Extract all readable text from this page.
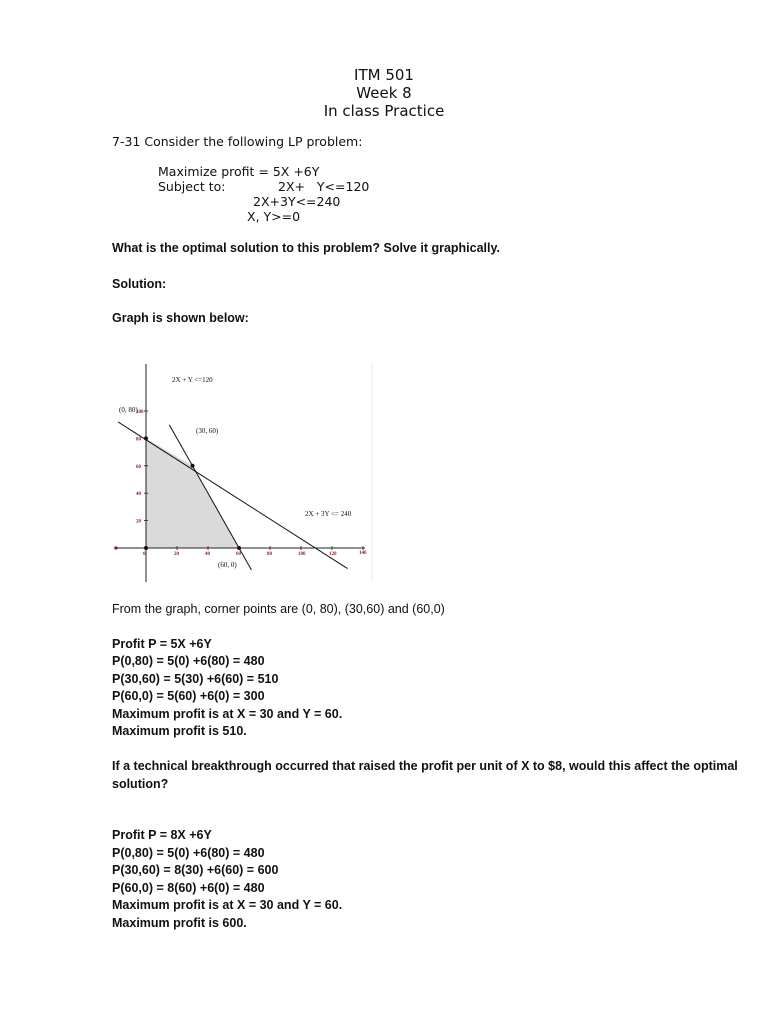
ITM 501
Week 8
In class Practice
7-31 Consider the following LP problem:
Maximize profit = 5X +6Y
Subject to:	2X+   Y<=120
2X+3Y<=240
X, Y>=0
What is the optimal solution to this problem? Solve it graphically.
Solution:
Graph is shown below:
0	20	40	60	80	100	120	140
20
40
60
80
100
2X + Y <=120
2X + 3Y <= 240
(0, 80)
(30, 60)
(60, 0)
From the graph, corner points are (0, 80), (30,60) and (60,0)
Profit P = 5X +6Y
P(0,80) = 5(0) +6(80) = 480
P(30,60) = 5(30) +6(60) = 510
P(60,0) = 5(60) +6(0) = 300
Maximum profit is at X = 30 and Y = 60.
Maximum profit is 510.
If a technical breakthrough occurred that raised the profit per unit of X to $8, would this affect the optimal
solution?
Profit P = 8X +6Y
P(0,80) = 5(0) +6(80) = 480
P(30,60) = 8(30) +6(60) = 600
P(60,0) = 8(60) +6(0) = 480
Maximum profit is at X = 30 and Y = 60.
Maximum profit is 600.
